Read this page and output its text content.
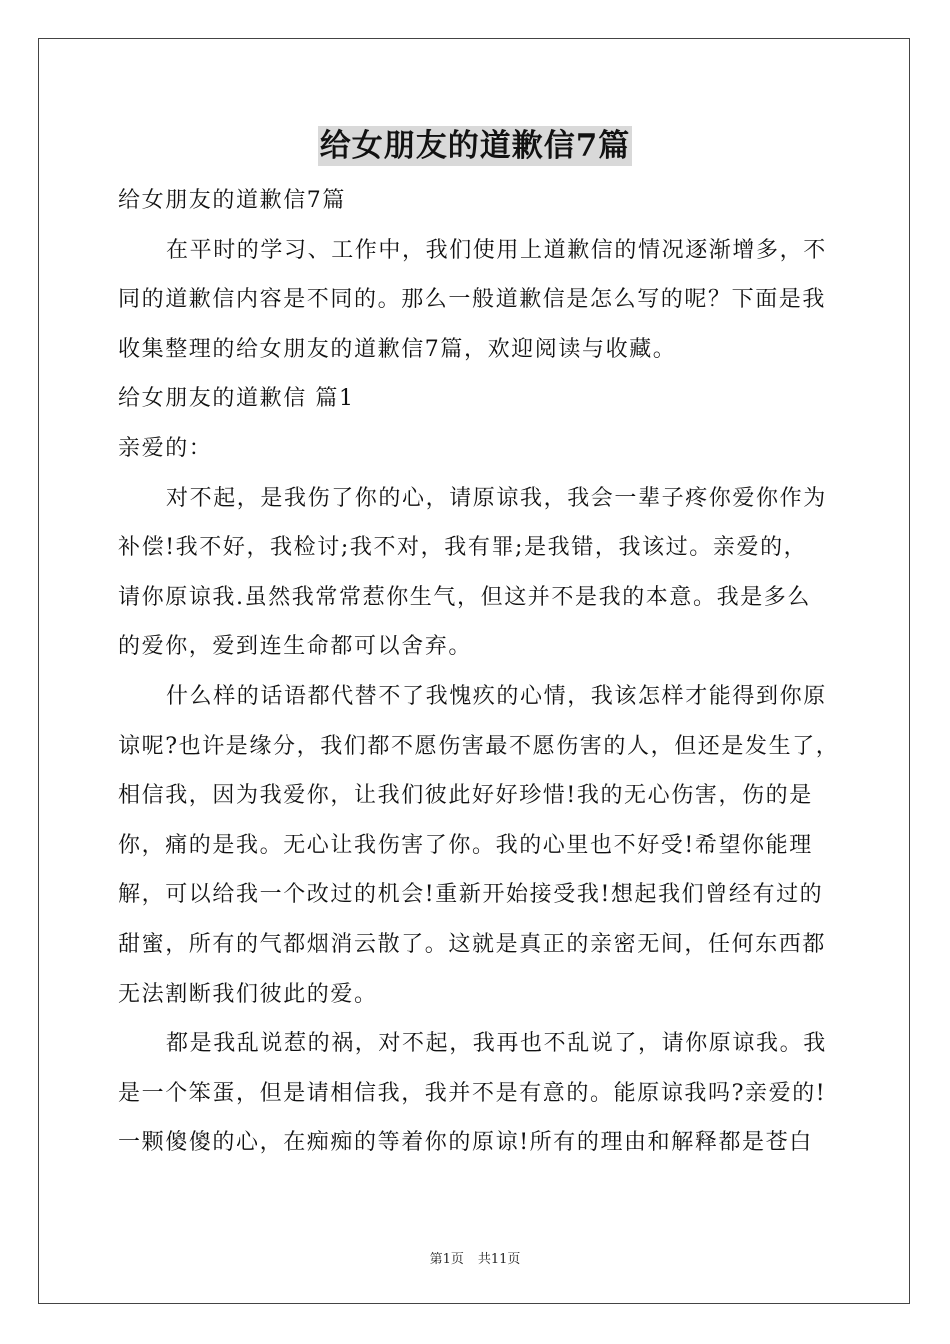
给女朋友的道歉信7篇
给女朋友的道歉信7篇
在平时的学习、工作中，我们使用上道歉信的情况逐渐增多，不
同的道歉信内容是不同的。那么一般道歉信是怎么写的呢？下面是我
收集整理的给女朋友的道歉信7篇，欢迎阅读与收藏。
给女朋友的道歉信 篇1
亲爱的：
对不起，是我伤了你的心，请原谅我，我会一辈子疼你爱你作为
补偿!我不好，我检讨;我不对，我有罪;是我错，我该过。亲爱的，
请你原谅我.虽然我常常惹你生气，但这并不是我的本意。我是多么
的爱你，爱到连生命都可以舍弃。
什么样的话语都代替不了我愧疚的心情，我该怎样才能得到你原
谅呢?也许是缘分，我们都不愿伤害最不愿伤害的人，但还是发生了，
相信我，因为我爱你，让我们彼此好好珍惜!我的无心伤害，伤的是
你，痛的是我。无心让我伤害了你。我的心里也不好受!希望你能理
解，可以给我一个改过的机会!重新开始接受我!想起我们曾经有过的
甜蜜，所有的气都烟消云散了。这就是真正的亲密无间，任何东西都
无法割断我们彼此的爱。
都是我乱说惹的祸，对不起，我再也不乱说了，请你原谅我。我
是一个笨蛋，但是请相信我，我并不是有意的。能原谅我吗?亲爱的!
一颗傻傻的心，在痴痴的等着你的原谅!所有的理由和解释都是苍白
第1页 共11页
